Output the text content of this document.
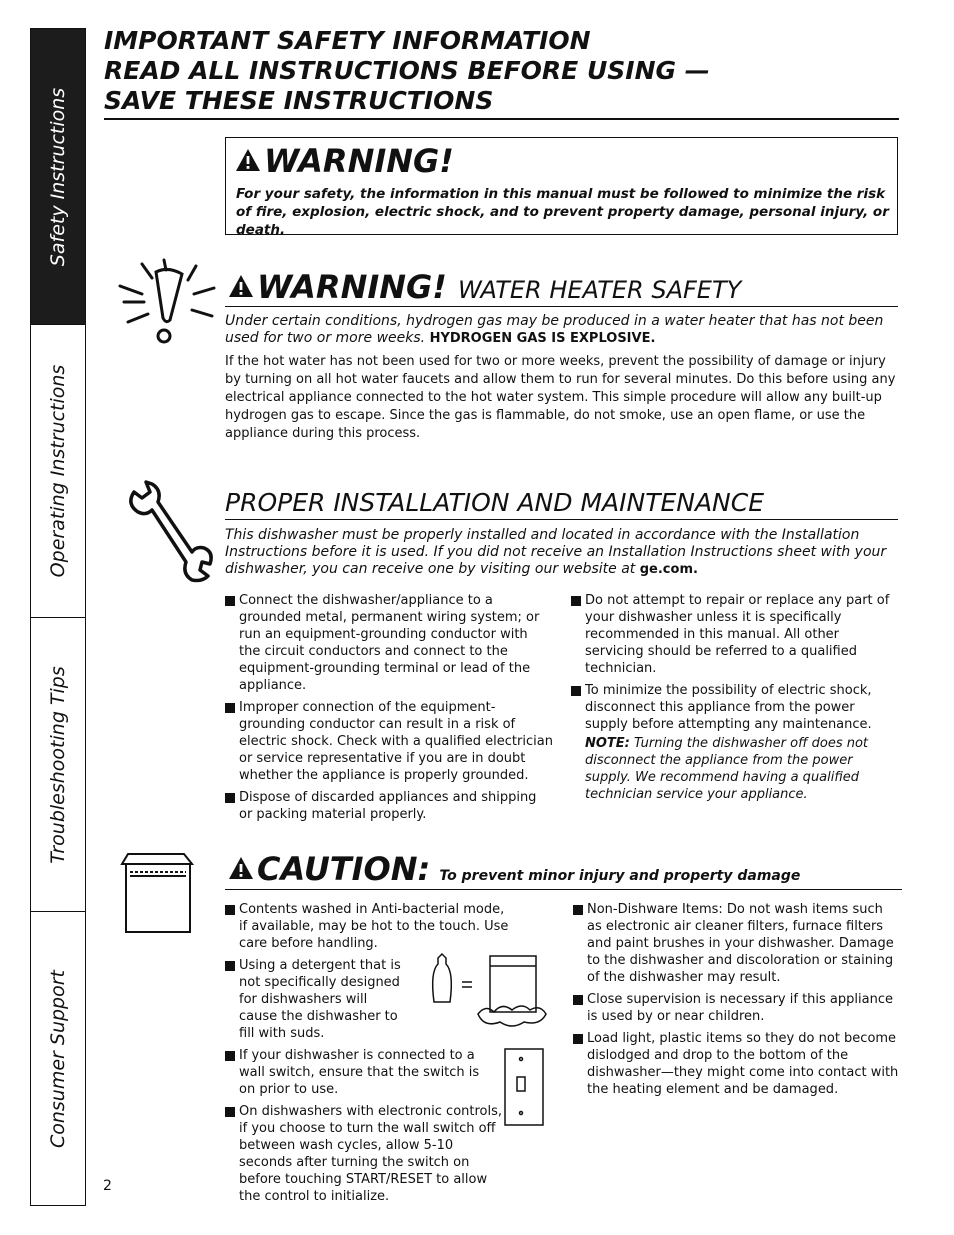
Safety Instructions
Operating Instructions
Troubleshooting Tips
Consumer Support
IMPORTANT SAFETY INFORMATION
READ ALL INSTRUCTIONS BEFORE USING —
SAVE THESE INSTRUCTIONS
WARNING!
For your safety, the information in this manual must be followed to minimize the risk of fire, explosion, electric shock, and to prevent property damage, personal injury, or death.
WARNING! WATER HEATER SAFETY
Under certain conditions, hydrogen gas may be produced in a water heater that has not been used for two or more weeks. HYDROGEN GAS IS EXPLOSIVE.
If the hot water has not been used for two or more weeks, prevent the possibility of damage or injury by turning on all hot water faucets and allow them to run for several minutes. Do this before using any electrical appliance connected to the hot water system. This simple procedure will allow any built-up hydrogen gas to escape. Since the gas is flammable, do not smoke, use an open flame, or use the appliance during this process.
PROPER INSTALLATION AND MAINTENANCE
This dishwasher must be properly installed and located in accordance with the Installation Instructions before it is used. If you did not receive an Installation Instructions sheet with your dishwasher, you can receive one by visiting our website at ge.com.
Connect the dishwasher/appliance to a grounded metal, permanent wiring system; or run an equipment-grounding conductor with the circuit conductors and connect to the equipment-grounding terminal or lead of the appliance.
Improper connection of the equipment-grounding conductor can result in a risk of electric shock. Check with a qualified electrician or service representative if you are in doubt whether the appliance is properly grounded.
Dispose of discarded appliances and shipping or packing material properly.
Do not attempt to repair or replace any part of your dishwasher unless it is specifically recommended in this manual. All other servicing should be referred to a qualified technician.
To minimize the possibility of electric shock, disconnect this appliance from the power supply before attempting any maintenance.
NOTE: Turning the dishwasher off does not disconnect the appliance from the power supply. We recommend having a qualified technician service your appliance.
CAUTION: To prevent minor injury and property damage
Contents washed in Anti-bacterial mode, if available, may be hot to the touch. Use care before handling.
Using a detergent that is not specifically designed for dishwashers will cause the dishwasher to fill with suds.
If your dishwasher is connected to a wall switch, ensure that the switch is on prior to use.
On dishwashers with electronic controls, if you choose to turn the wall switch off between wash cycles, allow 5-10 seconds after turning the switch on before touching START/RESET to allow the control to initialize.
Non-Dishware Items: Do not wash items such as electronic air cleaner filters, furnace filters and paint brushes in your dishwasher. Damage to the dishwasher and discoloration or staining of the dishwasher may result.
Close supervision is necessary if this appliance is used by or near children.
Load light, plastic items so they do not become dislodged and drop to the bottom of the dishwasher—they might come into contact with the heating element and be damaged.
2
